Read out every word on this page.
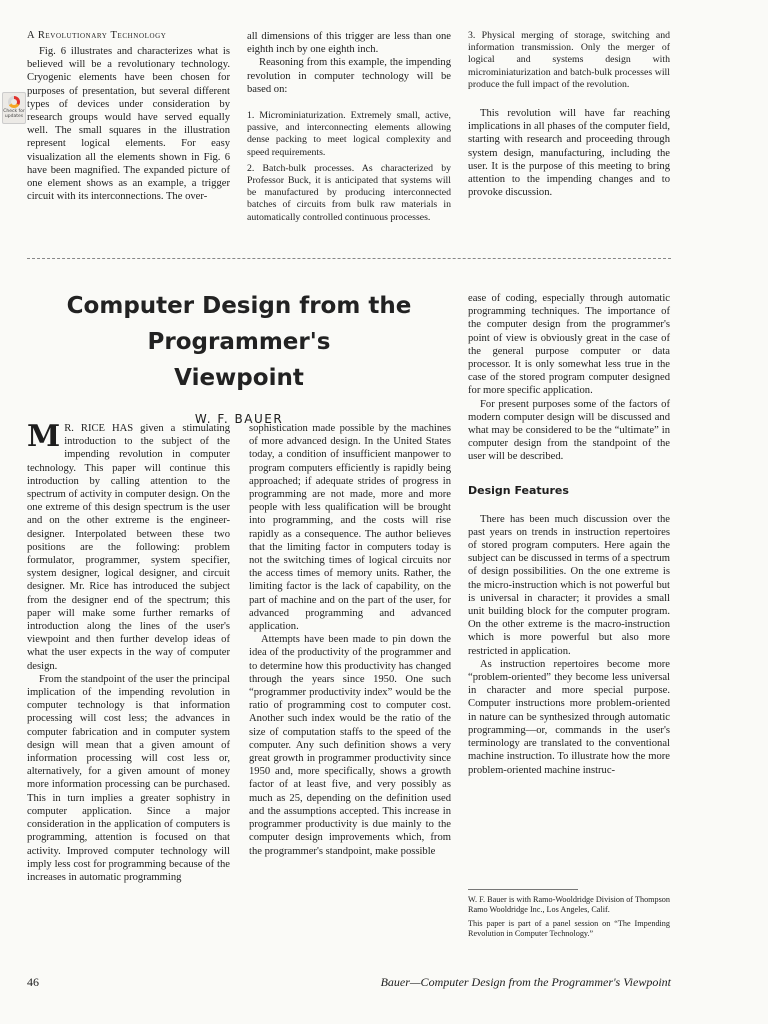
A Revolutionary Technology

Fig. 6 illustrates and characterizes what is believed will be a revolutionary technology. Cryogenic elements have been chosen for purposes of presentation, but several different types of devices under consideration by research groups would have served equally well. The small squares in the illustration represent logical elements. For easy visualization all the elements shown in Fig. 6 have been magnified. The expanded picture of one element shows as an example, a trigger circuit with its interconnections. The over-

Check for updates

all dimensions of this trigger are less than one eighth inch by one eighth inch.

Reasoning from this example, the impending revolution in computer technology will be based on:

1. Microminiaturization. Extremely small, active, passive, and interconnecting elements allowing dense packing to meet logical complexity and speed requirements.

2. Batch-bulk processes. As characterized by Professor Buck, it is anticipated that systems will be manufactured by producing interconnected batches of circuits from bulk raw materials in automatically controlled continuous processes.

3. Physical merging of storage, switching and information transmission. Only the merger of logical and systems design with microminiaturization and batch-bulk processes will produce the full impact of the revolution.

This revolution will have far reaching implications in all phases of the computer field, starting with research and proceeding through system design, manufacturing, including the user. It is the purpose of this meeting to bring attention to the impending changes and to provoke discussion.

Computer Design from the Programmer's
Viewpoint
W. F. BAUER

M R. RICE HAS given a stimulating introduction to the subject of the impending revolution in computer technology. This paper will continue this introduction by calling attention to the spectrum of activity in computer design. On the one extreme of this design spectrum is the user and on the other extreme is the engineer-designer. Interpolated between these two positions are the following: problem formulator, programmer, system specifier, system designer, logical designer, and circuit designer. Mr. Rice has introduced the subject from the designer end of the spectrum; this paper will make some further remarks of introduction along the lines of the user's viewpoint and then further develop ideas of what the user expects in the way of computer design.

From the standpoint of the user the principal implication of the impending revolution in computer technology is that information processing will cost less; the advances in computer fabrication and in computer system design will mean that a given amount of information processing will cost less or, alternatively, for a given amount of money more information processing can be purchased. This in turn implies a greater sophistry in computer application. Since a major consideration in the application of computers is programming, attention is focused on that activity. Improved computer technology will imply less cost for programming because of the increases in automatic programming

sophistication made possible by the machines of more advanced design. In the United States today, a condition of insufficient manpower to program computers efficiently is rapidly being approached; if adequate strides of progress in programming are not made, more and more people with less qualification will be brought into programming, and the costs will rise rapidly as a consequence. The author believes that the limiting factor in computers today is not the switching times of logical circuits nor the access times of memory units. Rather, the limiting factor is the lack of capability, on the part of machine and on the part of the user, for advanced programming and advanced application.

Attempts have been made to pin down the idea of the productivity of the programmer and to determine how this productivity has changed through the years since 1950. One such “programmer productivity index” would be the ratio of programming cost to computer cost. Another such index would be the ratio of the size of computation staffs to the speed of the computer. Any such definition shows a very great growth in programmer productivity since 1950 and, more specifically, shows a growth factor of at least five, and very possibly as much as 25, depending on the definition used and the assumptions accepted. This increase in programmer productivity is due mainly to the computer design improvements which, from the programmer's standpoint, make possible

ease of coding, especially through automatic programming techniques. The importance of the computer design from the programmer's point of view is obviously great in the case of the general purpose computer or data processor. It is only somewhat less true in the case of the stored program computer designed for more specific application.

For present purposes some of the factors of modern computer design will be discussed and what may be considered to be the “ultimate” in computer design from the standpoint of the user will be described.

Design Features

There has been much discussion over the past years on trends in instruction repertoires of stored program computers. Here again the subject can be discussed in terms of a spectrum of design possibilities. On the one extreme is the micro-instruction which is not powerful but is universal in character; it provides a small unit building block for the computer program. On the other extreme is the macro-instruction which is more powerful but also more restricted in application.

As instruction repertoires become more “problem-oriented” they become less universal in character and more special purpose. Computer instructions more problem-oriented in nature can be synthesized through automatic programming—or, commands in the user's terminology are translated to the conventional machine instruction. To illustrate how the more problem-oriented machine instruc-

W. F. Bauer is with Ramo-Wooldridge Division of Thompson Ramo Wooldridge Inc., Los Angeles, Calif.

This paper is part of a panel session on “The Impending Revolution in Computer Technology.”

46	Bauer—Computer Design from the Programmer's Viewpoint
